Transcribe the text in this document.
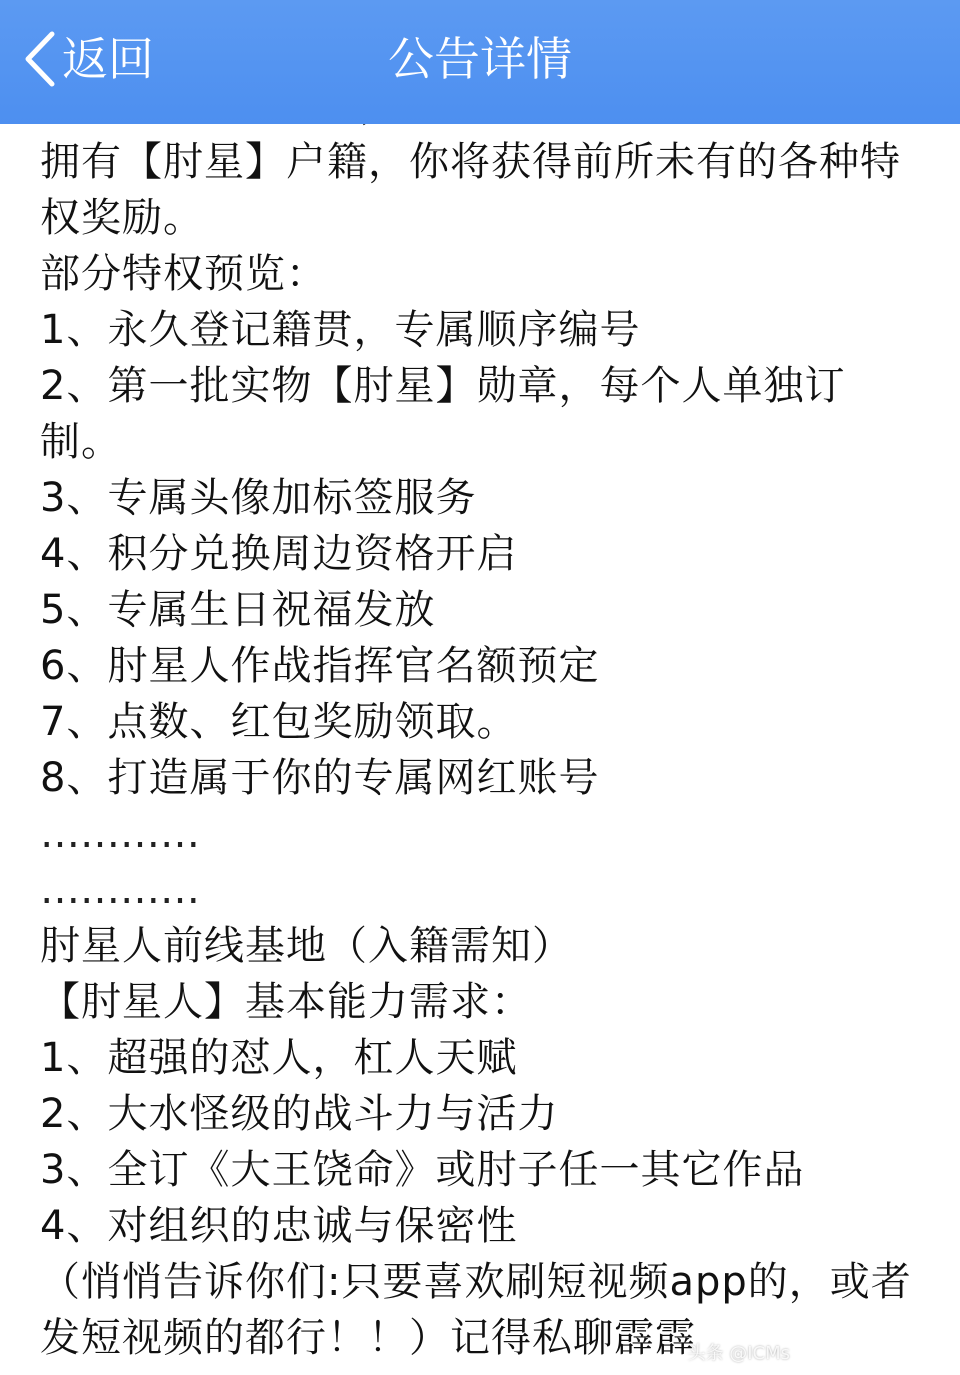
返回	公告详情
拥有【肘星】户籍，你将获得前所未有的各种特权奖励。
部分特权预览：
1、永久登记籍贯，专属顺序编号
2、第一批实物【肘星】勋章，每个人单独订制。
3、专属头像加标签服务
4、积分兑换周边资格开启
5、专属生日祝福发放
6、肘星人作战指挥官名额预定
7、点数、红包奖励领取。
8、打造属于你的专属网红账号
…………
…………
肘星人前线基地（入籍需知）
【肘星人】基本能力需求：
1、超强的怼人，杠人天赋
2、大水怪级的战斗力与活力
3、全订《大王饶命》或肘子任一其它作品
4、对组织的忠诚与保密性
（悄悄告诉你们:只要喜欢刷短视频app的，或者发短视频的都行！！）记得私聊霹霹
头条 @ICMs
